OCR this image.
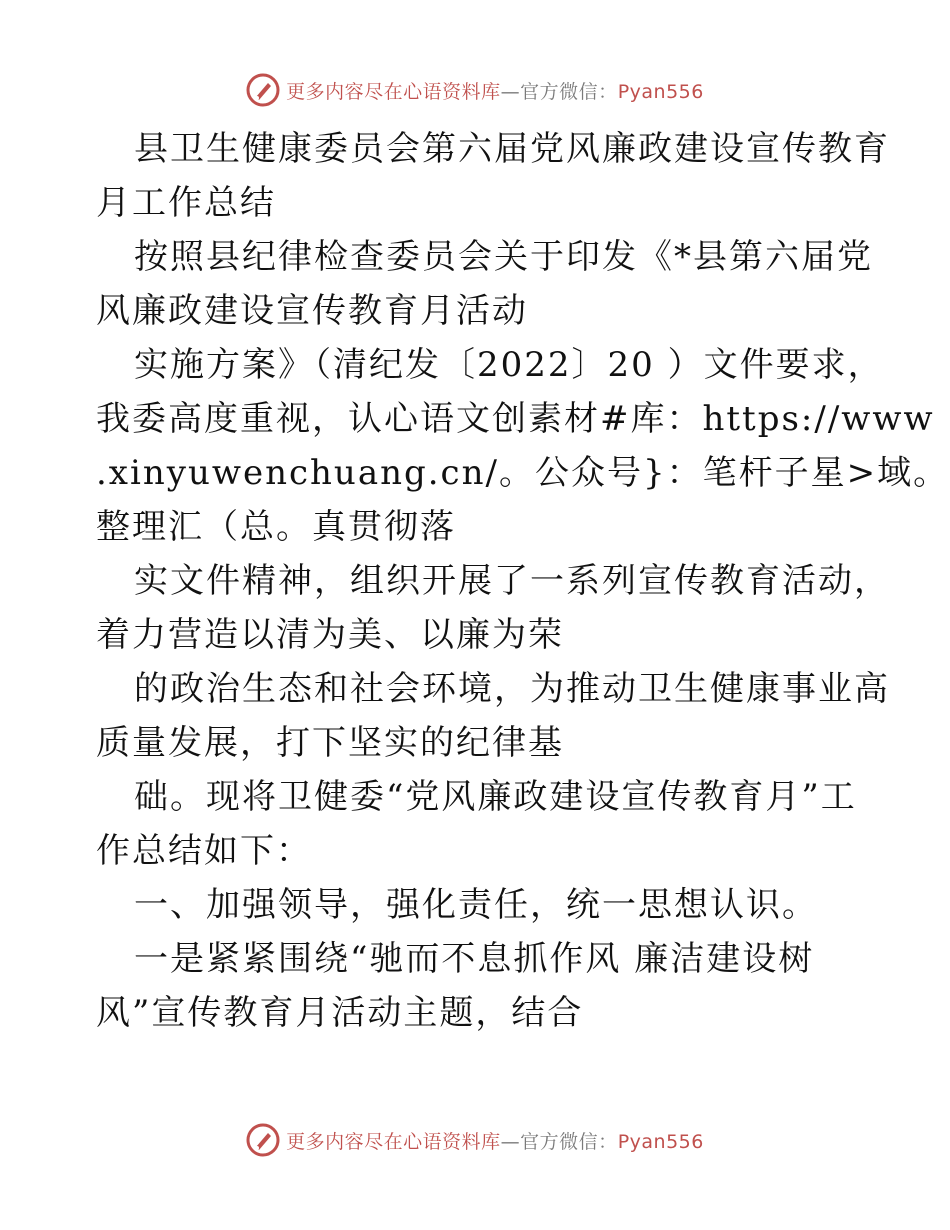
更多内容尽在心语资料库—官方微信：Pyan556
县卫生健康委员会第六届党风廉政建设宣传教育
月工作总结
按照县纪律检查委员会关于印发《*县第六届党
风廉政建设宣传教育月活动
实施方案》（清纪发〔2022〕20 ）文件要求，
我委高度重视，认心语文创素材#库：https://www
.xinyuwenchuang.cn/。公众号}：笔杆子星>域。
整理汇（总。真贯彻落
实文件精神，组织开展了一系列宣传教育活动，
着力营造以清为美、以廉为荣
的政治生态和社会环境，为推动卫生健康事业高
质量发展，打下坚实的纪律基
础。现将卫健委“党风廉政建设宣传教育月”工
作总结如下：
一、加强领导，强化责任，统一思想认识。
一是紧紧围绕“驰而不息抓作风 廉洁建设树
风”宣传教育月活动主题，结合
更多内容尽在心语资料库—官方微信：Pyan556
